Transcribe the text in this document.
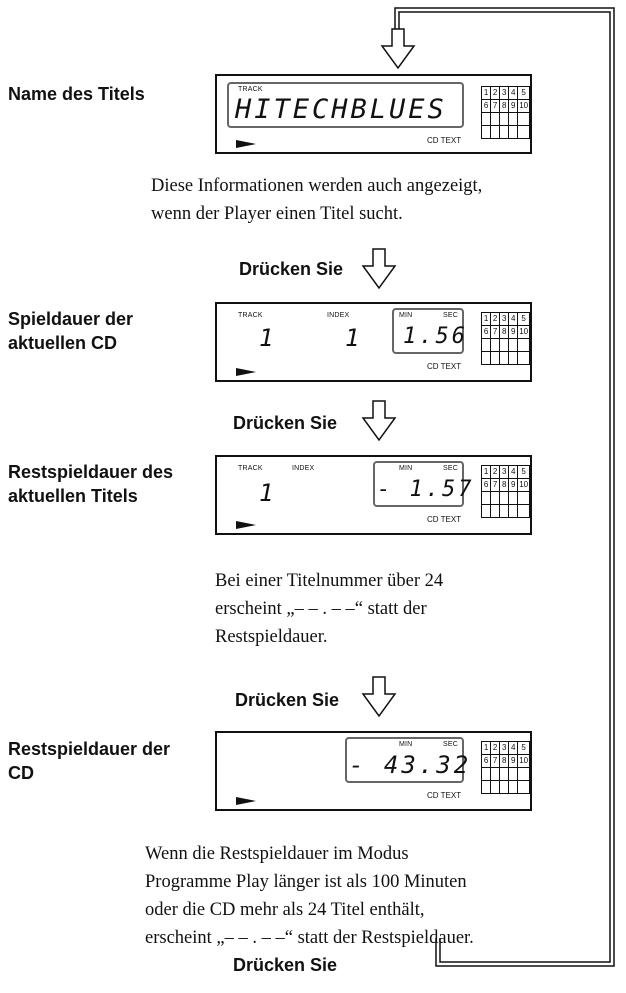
Name des Titels	TRACK
HITECHBLUES
CD TEXT
1	2	3	4	5
6	7	8	9	10

Diese Informationen werden auch angezeigt,
wenn der Player einen Titel sucht.
Drücken Sie
Spieldauer der
aktuellen CD
TRACK	INDEX
1	1
MIN	SEC
1.56
CD TEXT
1	2	3	4	5
6	7	8	9	10

Drücken Sie
Restspieldauer des
aktuellen Titels
TRACK	INDEX
1
MIN	SEC
- 1.57
CD TEXT
1	2	3	4	5
6	7	8	9	10

Bei einer Titelnummer über 24
erscheint „– – . – –“ statt der
Restspieldauer.
Drücken Sie
Restspieldauer der
CD
MIN	SEC
- 43.32
CD TEXT
1	2	3	4	5
6	7	8	9	10

Wenn die Restspieldauer im Modus
Programme Play länger ist als 100 Minuten
oder die CD mehr als 24 Titel enthält,
erscheint „– – . – –“ statt der Restspieldauer.
Drücken Sie
